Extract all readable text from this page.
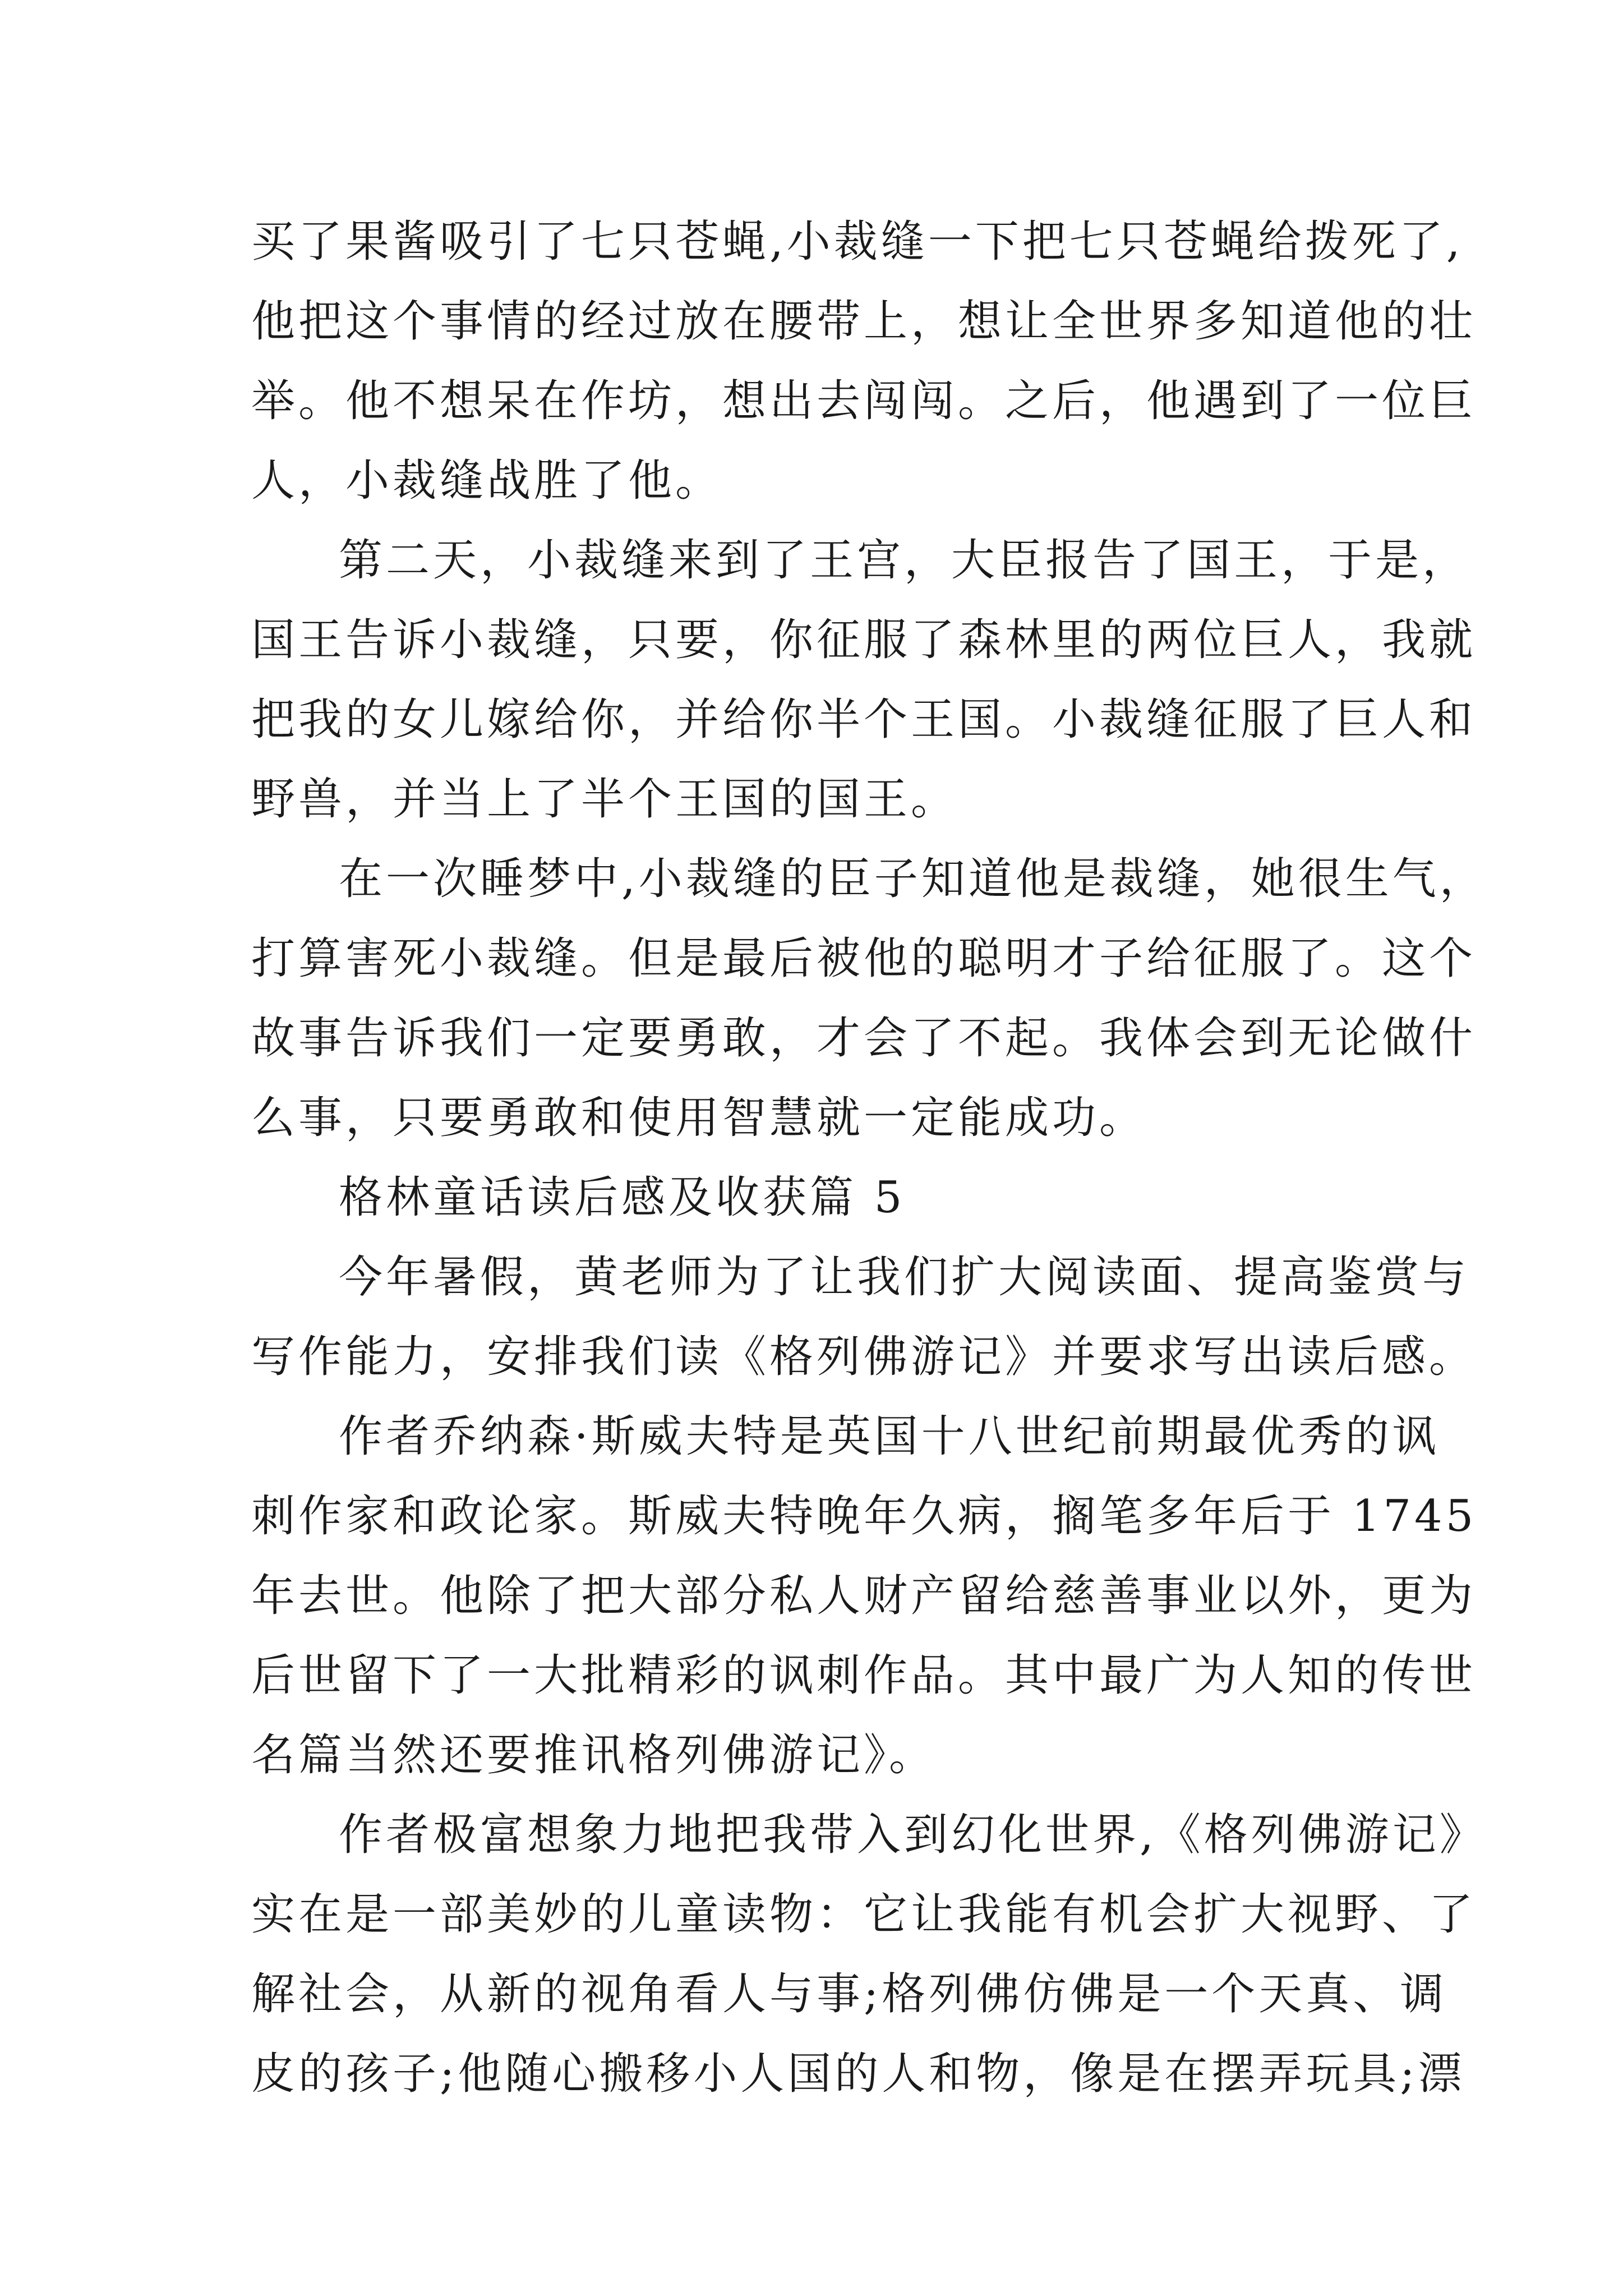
买了果酱吸引了七只苍蝇,小裁缝一下把七只苍蝇给拨死了,
他把这个事情的经过放在腰带上，想让全世界多知道他的壮
举。他不想呆在作坊，想出去闯闯。之后，他遇到了一位巨
人，小裁缝战胜了他。
第二天，小裁缝来到了王宫，大臣报告了国王，于是，
国王告诉小裁缝，只要，你征服了森林里的两位巨人，我就
把我的女儿嫁给你，并给你半个王国。小裁缝征服了巨人和
野兽，并当上了半个王国的国王。
在一次睡梦中,小裁缝的臣子知道他是裁缝，她很生气，
打算害死小裁缝。但是最后被他的聪明才子给征服了。这个
故事告诉我们一定要勇敢，才会了不起。我体会到无论做什
么事，只要勇敢和使用智慧就一定能成功。
格林童话读后感及收获篇 5
今年暑假，黄老师为了让我们扩大阅读面、提高鉴赏与
写作能力，安排我们读《格列佛游记》并要求写出读后感。
作者乔纳森·斯威夫特是英国十八世纪前期最优秀的讽
刺作家和政论家。斯威夫特晚年久病，搁笔多年后于 1745
年去世。他除了把大部分私人财产留给慈善事业以外，更为
后世留下了一大批精彩的讽刺作品。其中最广为人知的传世
名篇当然还要推讯格列佛游记》。
作者极富想象力地把我带入到幻化世界,《格列佛游记》
实在是一部美妙的儿童读物：它让我能有机会扩大视野、了
解社会，从新的视角看人与事;格列佛仿佛是一个天真、调
皮的孩子;他随心搬移小人国的人和物，像是在摆弄玩具;漂
